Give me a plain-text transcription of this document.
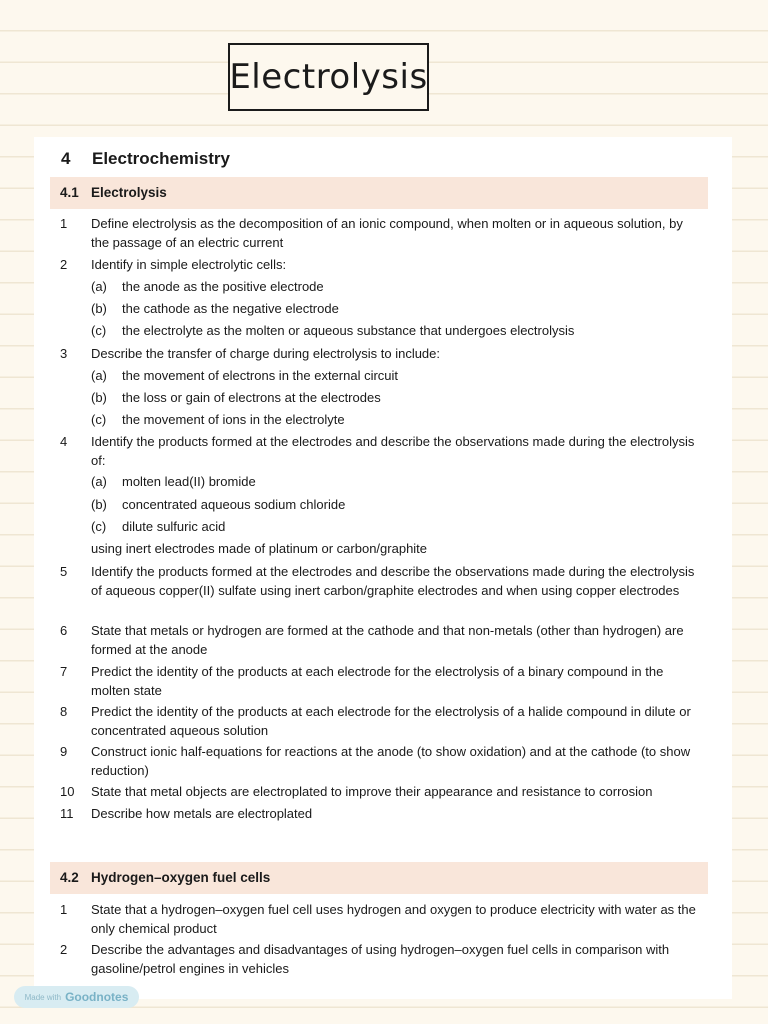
Electrolysis
4 Electrochemistry
4.1 Electrolysis
1 Define electrolysis as the decomposition of an ionic compound, when molten or in aqueous solution, by the passage of an electric current
2 Identify in simple electrolytic cells:
(a) the anode as the positive electrode
(b) the cathode as the negative electrode
(c) the electrolyte as the molten or aqueous substance that undergoes electrolysis
3 Describe the transfer of charge during electrolysis to include:
(a) the movement of electrons in the external circuit
(b) the loss or gain of electrons at the electrodes
(c) the movement of ions in the electrolyte
4 Identify the products formed at the electrodes and describe the observations made during the electrolysis of:
(a) molten lead(II) bromide
(b) concentrated aqueous sodium chloride
(c) dilute sulfuric acid
using inert electrodes made of platinum or carbon/graphite
5 Identify the products formed at the electrodes and describe the observations made during the electrolysis of aqueous copper(II) sulfate using inert carbon/graphite electrodes and when using copper electrodes
6 State that metals or hydrogen are formed at the cathode and that non-metals (other than hydrogen) are formed at the anode
7 Predict the identity of the products at each electrode for the electrolysis of a binary compound in the molten state
8 Predict the identity of the products at each electrode for the electrolysis of a halide compound in dilute or concentrated aqueous solution
9 Construct ionic half-equations for reactions at the anode (to show oxidation) and at the cathode (to show reduction)
10 State that metal objects are electroplated to improve their appearance and resistance to corrosion
11 Describe how metals are electroplated
4.2 Hydrogen–oxygen fuel cells
1 State that a hydrogen–oxygen fuel cell uses hydrogen and oxygen to produce electricity with water as the only chemical product
2 Describe the advantages and disadvantages of using hydrogen–oxygen fuel cells in comparison with gasoline/petrol engines in vehicles
Made with Goodnotes
